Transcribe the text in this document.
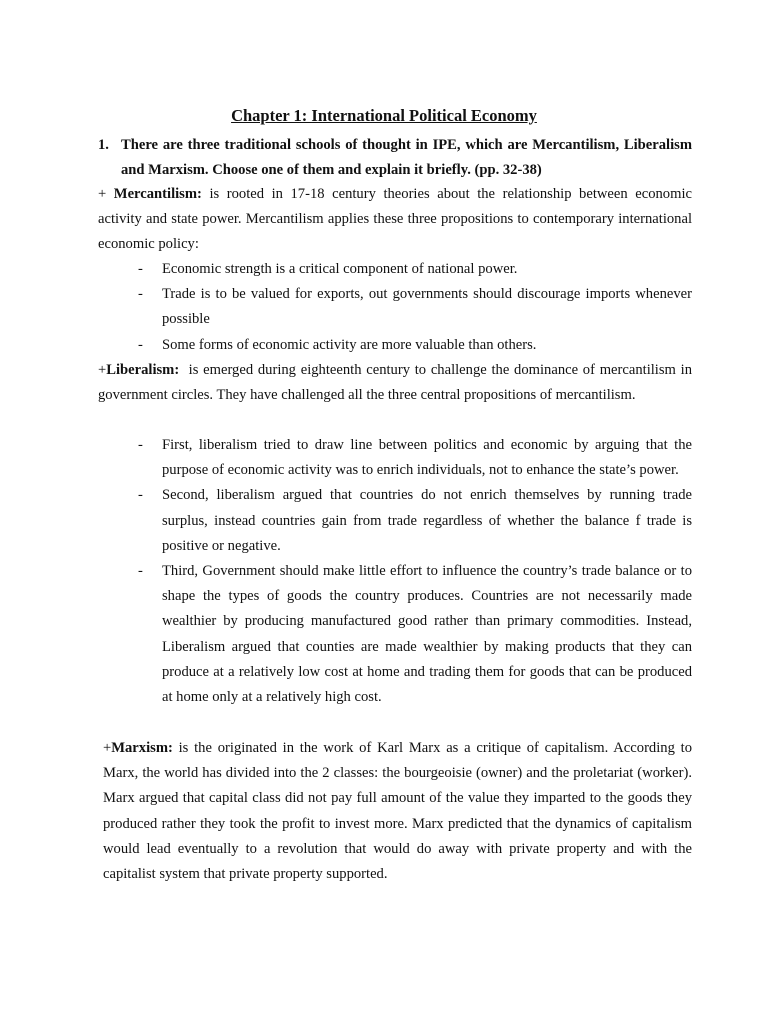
Chapter 1: International Political Economy
1. There are three traditional schools of thought in IPE, which are Mercantilism, Liberalism and Marxism. Choose one of them and explain it briefly. (pp. 32-38)
+ Mercantilism: is rooted in 17-18 century theories about the relationship between economic activity and state power. Mercantilism applies these three propositions to contemporary international economic policy:
- Economic strength is a critical component of national power.
- Trade is to be valued for exports, out governments should discourage imports whenever possible
- Some forms of economic activity are more valuable than others.
+Liberalism:  is emerged during eighteenth century to challenge the dominance of mercantilism in government circles. They have challenged all the three central propositions of mercantilism.
- First, liberalism tried to draw line between politics and economic by arguing that the purpose of economic activity was to enrich individuals, not to enhance the state’s power.
- Second, liberalism argued that countries do not enrich themselves by running trade surplus, instead countries gain from trade regardless of whether the balance f trade is positive or negative.
- Third, Government should make little effort to influence the country’s trade balance or to shape the types of goods the country produces. Countries are not necessarily made wealthier by producing manufactured good rather than primary commodities. Instead, Liberalism argued that counties are made wealthier by making products that they can produce at a relatively low cost at home and trading them for goods that can be produced at home only at a relatively high cost.
+Marxism: is the originated in the work of Karl Marx as a critique of capitalism. According to Marx, the world has divided into the 2 classes: the bourgeoisie (owner) and the proletariat (worker). Marx argued that capital class did not pay full amount of the value they imparted to the goods they produced rather they took the profit to invest more. Marx predicted that the dynamics of capitalism would lead eventually to a revolution that would do away with private property and with the capitalist system that private property supported.
